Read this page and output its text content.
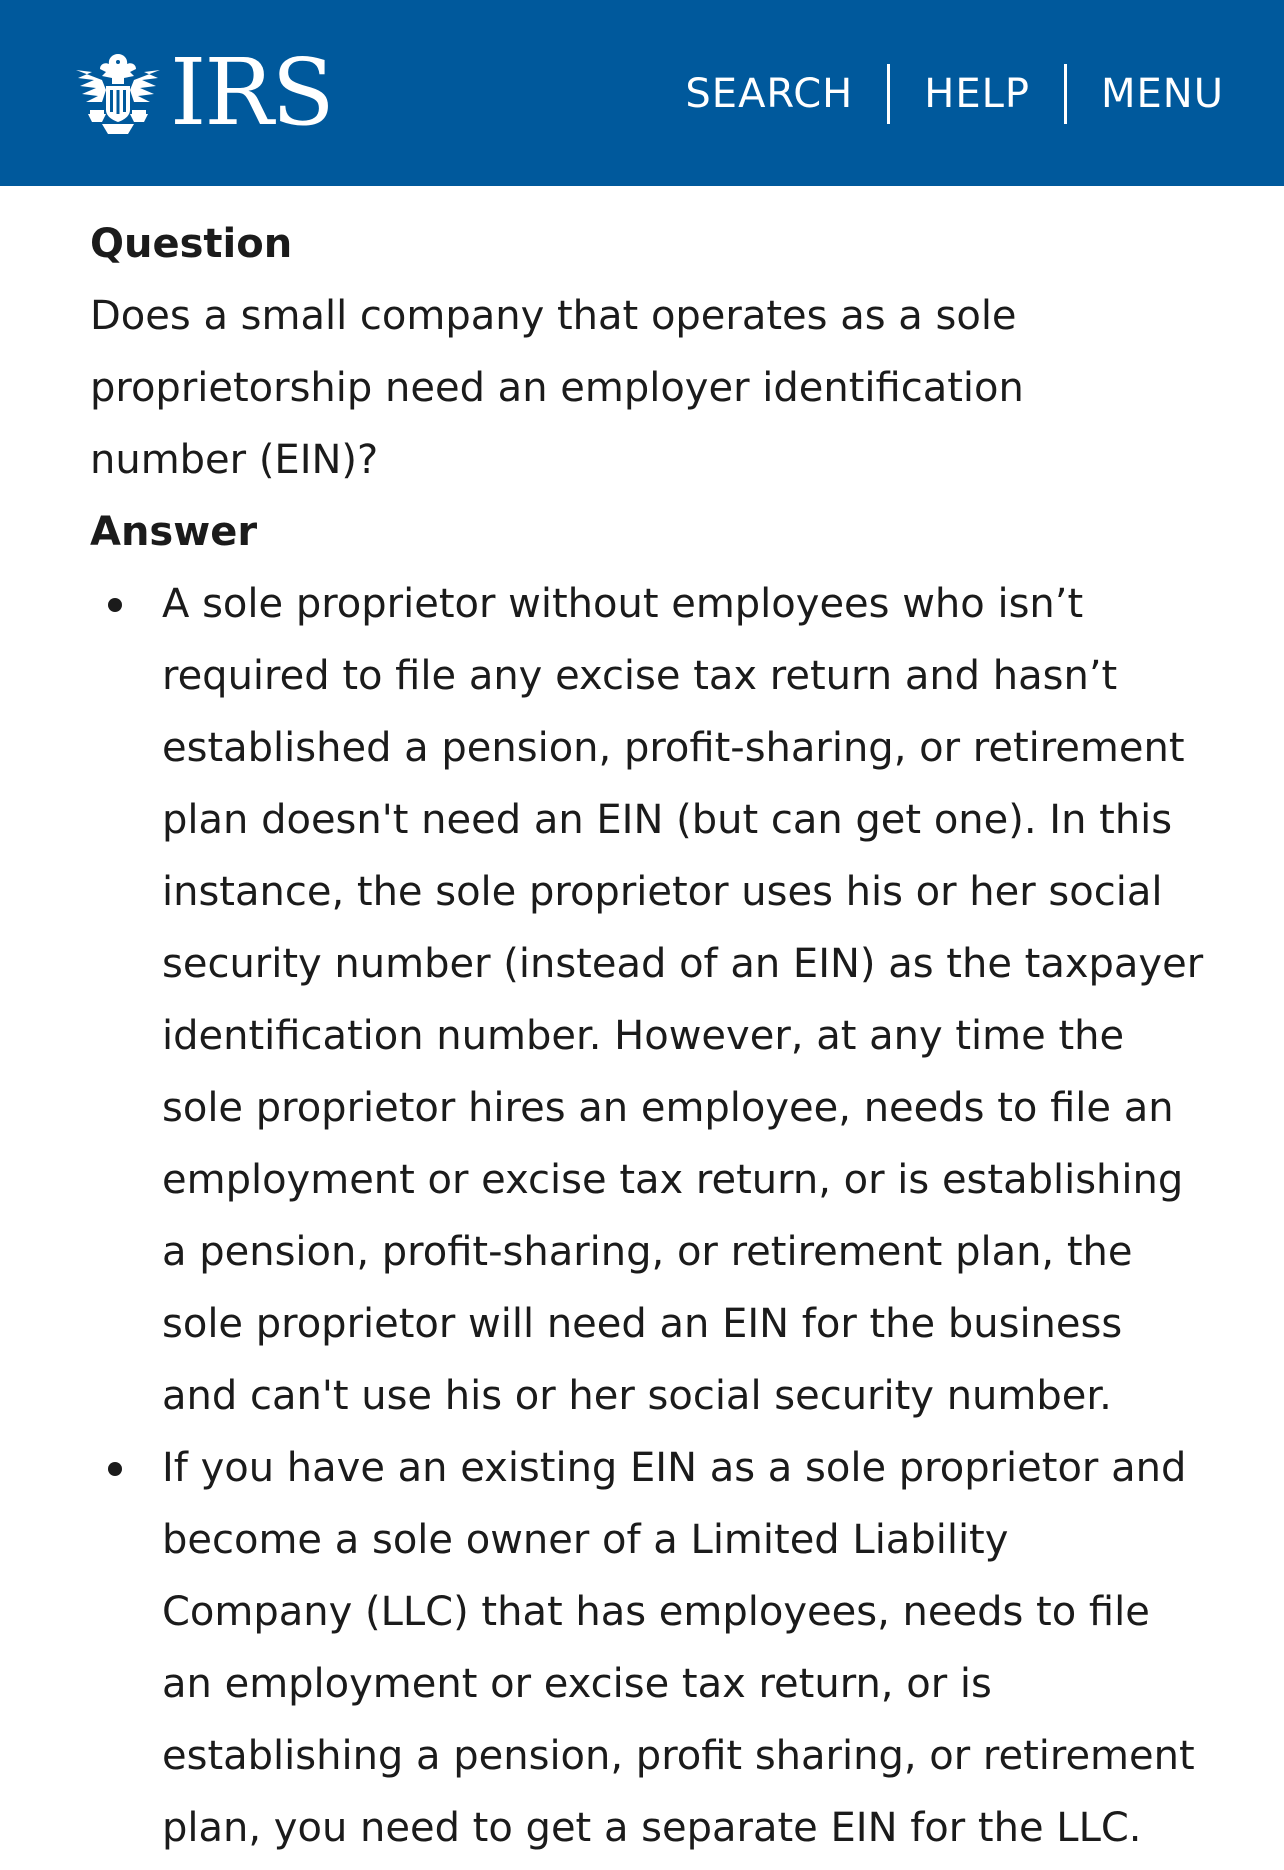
IRS	SEARCH	HELP	MENU
Question

Does a small company that operates as a sole proprietorship need an employer identification number (EIN)?

Answer
A sole proprietor without employees who isn’t required to file any excise tax return and hasn’t established a pension, profit-sharing, or retirement plan doesn't need an EIN (but can get one). In this instance, the sole proprietor uses his or her social security number (instead of an EIN) as the taxpayer identification number. However, at any time the sole proprietor hires an employee, needs to file an employment or excise tax return, or is establishing a pension, profit-sharing, or retirement plan, the sole proprietor will need an EIN for the business and can't use his or her social security number.
If you have an existing EIN as a sole proprietor and become a sole owner of a Limited Liability Company (LLC) that has employees, needs to file an employment or excise tax return, or is establishing a pension, profit sharing, or retirement plan, you need to get a separate EIN for the LLC.
